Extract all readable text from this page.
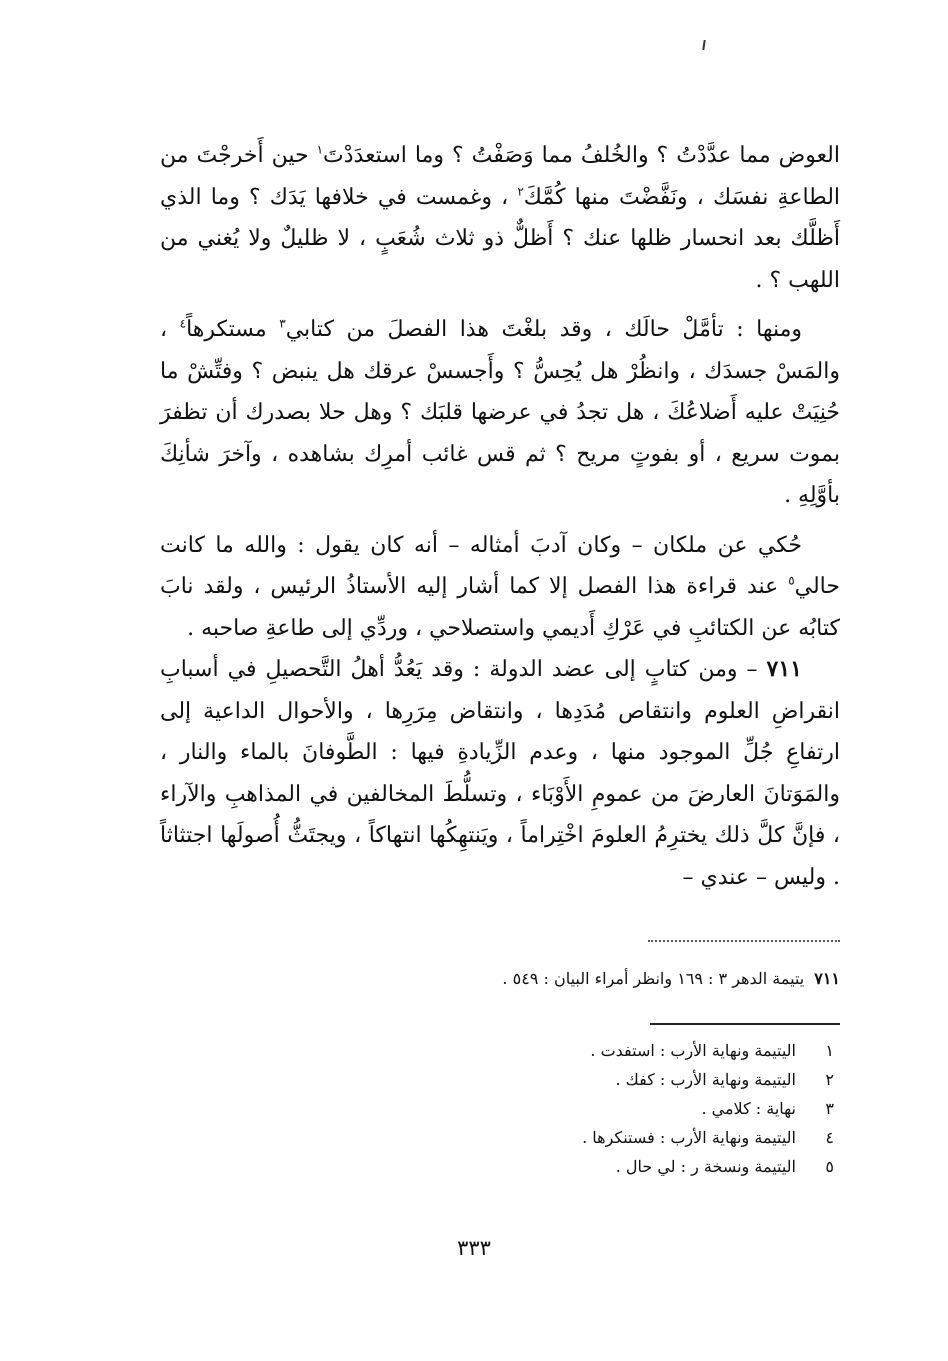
العوض مما عدَّدْتُ ؟ والخُلفُ مما وَصَفْتُ ؟ وما استعدَدْتَ$^١$ حين أَخرجْتَ من الطاعةِ نفسَك ، ونَفَّضْتَ منها كُمَّكَ$^٢$ ، وغمست في خلافها يَدَك ؟ وما الذي أَظلَّك بعد انحسار ظلها عنك ؟ أَظلٌّ ذو ثلاث شُعَبٍ ، لا ظليلٌ ولا يُغني من اللهب ؟ .

ومنها : تأمَّلْ حالَك ، وقد بلغْتَ هذا الفصلَ من كتابي$^٣$ مستكرهاً$^٤$ ، والمَسْ جسدَك ، وانظُرْ هل يُحِسُّ ؟ وأَجسسْ عرقك هل ينبض ؟ وفتِّشْ ما حُنِيَتْ عليه أَضلاعُكَ ، هل تجدُ في عرضها قلبَك ؟ وهل حلا بصدرك أن تظفرَ بموت سريع ، أو بفوتٍ مريح ؟ ثم قس غائب أمرِك بشاهده ، وآخرَ شأنِكَ بأوَّلِهِ .

حُكي عن ملكان – وكان آدبَ أمثاله – أنه كان يقول : والله ما كانت حالي$^٥$ عند قراءة هذا الفصل إلا كما أشار إليه الأستاذُ الرئيس ، ولقد نابَ كتابُه عن الكتائبِ في عَرْكِ أَديمي واستصلاحي ، وردِّي إلى طاعةِ صاحبه .

٧١١ – ومن كتابٍ إلى عضد الدولة : وقد يَعُدُّ أهلُ التَّحصيلِ في أسبابِ انقراضِ العلوم وانتقاص مُدَدِها ، وانتقاض مِرَرِها ، والأحوال الداعية إلى ارتفاعِ جُلِّ الموجود منها ، وعدم الزِّيادةِ فيها : الطَّوفانَ بالماء والنار ، والمَوَتانَ العارضَ من عمومِ الأَوْبَاء ، وتسلُّطَ المخالفين في المذاهبِ والآراء ، فإنَّ كلَّ ذلك يخترِمُ العلومَ اخْتِراماً ، ويَنتهِكُها انتهاكاً ، ويجتَثُّ أُصولَها اجتثاثاً . وليس – عندي –

٧١١يتيمة الدهر ٣ : ١٦٩ وانظر أمراء البيان : ٥٤٩ .
١اليتيمة ونهاية الأرب : استفدت .
٢اليتيمة ونهاية الأرب : كفك .
٣نهاية : كلامي .
٤اليتيمة ونهاية الأرب : فستنكرها .
٥اليتيمة ونسخة ر : لي حال .
٣٣٣
